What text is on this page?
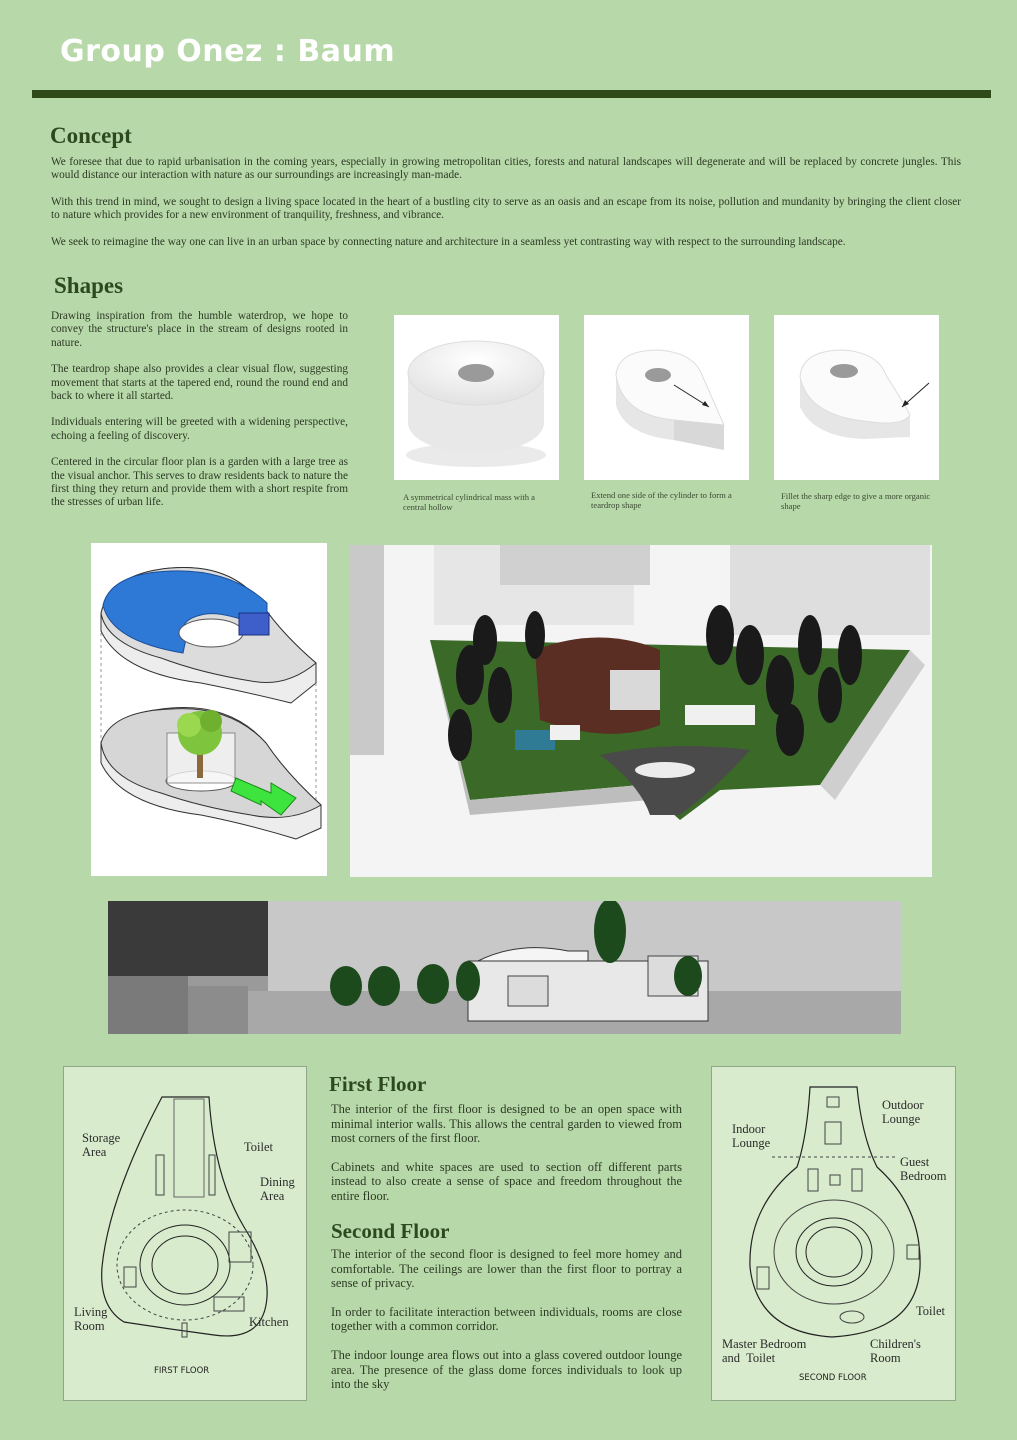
Group Onez : Baum
Concept

We foresee that due to rapid urbanisation in the coming years, especially in growing metropolitan cities, forests and natural landscapes will degenerate and will be replaced by concrete jungles. This would distance our interaction with nature as our surroundings are increasingly man-made.

With this trend in mind, we sought to design a living space located in the heart of a bustling city to serve as an oasis and an escape from its noise, pollution and mundanity by bringing the client closer to nature which provides for a new environment of tranquility, freshness, and vibrance.

We seek to reimagine the way one can live in an urban space by connecting nature and architecture in a seamless yet contrasting way with respect to the surrounding landscape.

Shapes

Drawing inspiration from the humble waterdrop, we hope to convey the structure's place in the stream of designs rooted in nature.

The teardrop shape also provides a clear visual flow, suggesting movement that starts at the tapered end, round the round end and back to where it all started.

Individuals entering will be greeted with a widening perspective, echoing a feeling of discovery.

Centered in the circular floor plan is a garden with a large tree as the visual anchor. This serves to draw residents back to nature the first thing they return and provide them with a short respite from the stresses of urban life.	A symmetrical cylindrical mass with a central hollow
Extend one side of the cylinder to form a teardrop shape
Fillet the sharp edge to give a more organic shape
Storage
Area	Toilet
Dining
Area
Living
Room	Kitchen
FIRST FLOOR
First Floor

The interior of the first floor is designed to be an open space with minimal interior walls. This allows the central garden to viewed from most corners of the first floor.

Cabinets and white spaces are used to section off different parts instead to also create a sense of space and freedom throughout the entire floor.

Second Floor

The interior of the second floor is designed to feel more homey and comfortable. The ceilings are lower than the first floor to portray a sense of privacy.

In order to facilitate interaction between individuals, rooms are close together with a common corridor.

The indoor lounge area flows out into a glass covered outdoor lounge area. The presence of the glass dome forces individuals to look up into the sky

Outdoor
Lounge
Indoor
Lounge
Guest
Bedroom
Toilet
Master Bedroom
and  Toilet
Children's
Room
SECOND FLOOR
